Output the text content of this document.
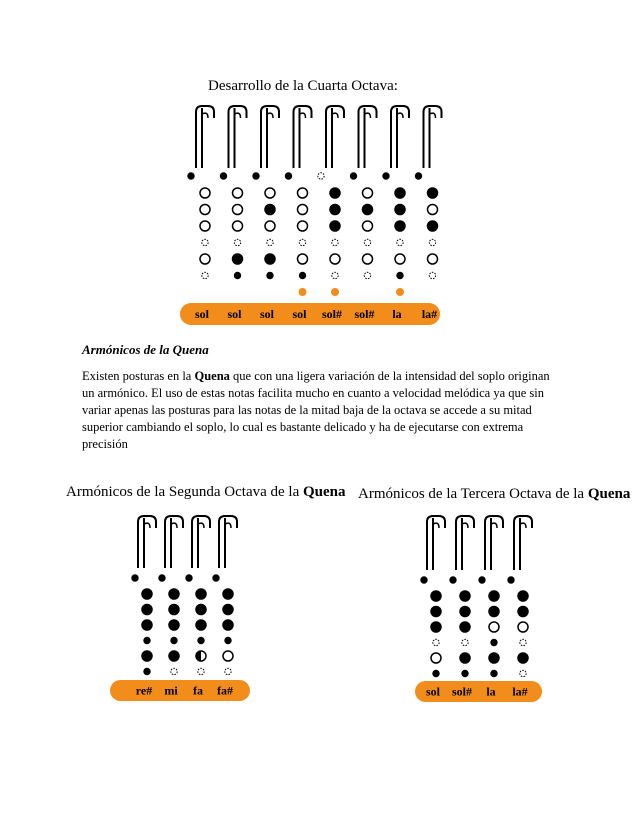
Desarrollo de la Cuarta Octava:
sol sol sol sol sol# sol# la la#
Armónicos de la Quena
Existen posturas en la Quena que con una ligera variación de la intensidad del soplo originan un armónico. El uso de estas notas facilita mucho en cuanto a velocidad melódica ya que sin variar apenas las posturas para las notas de la mitad baja de la octava se accede a su mitad superior cambiando el soplo, lo cual es bastante delicado y ha de ejecutarse con extrema precisión
Armónicos de la Segunda Octava de la Quena Armónicos de la Tercera Octava de la Quena
re# mi fa fa#	sol sol# la la#
